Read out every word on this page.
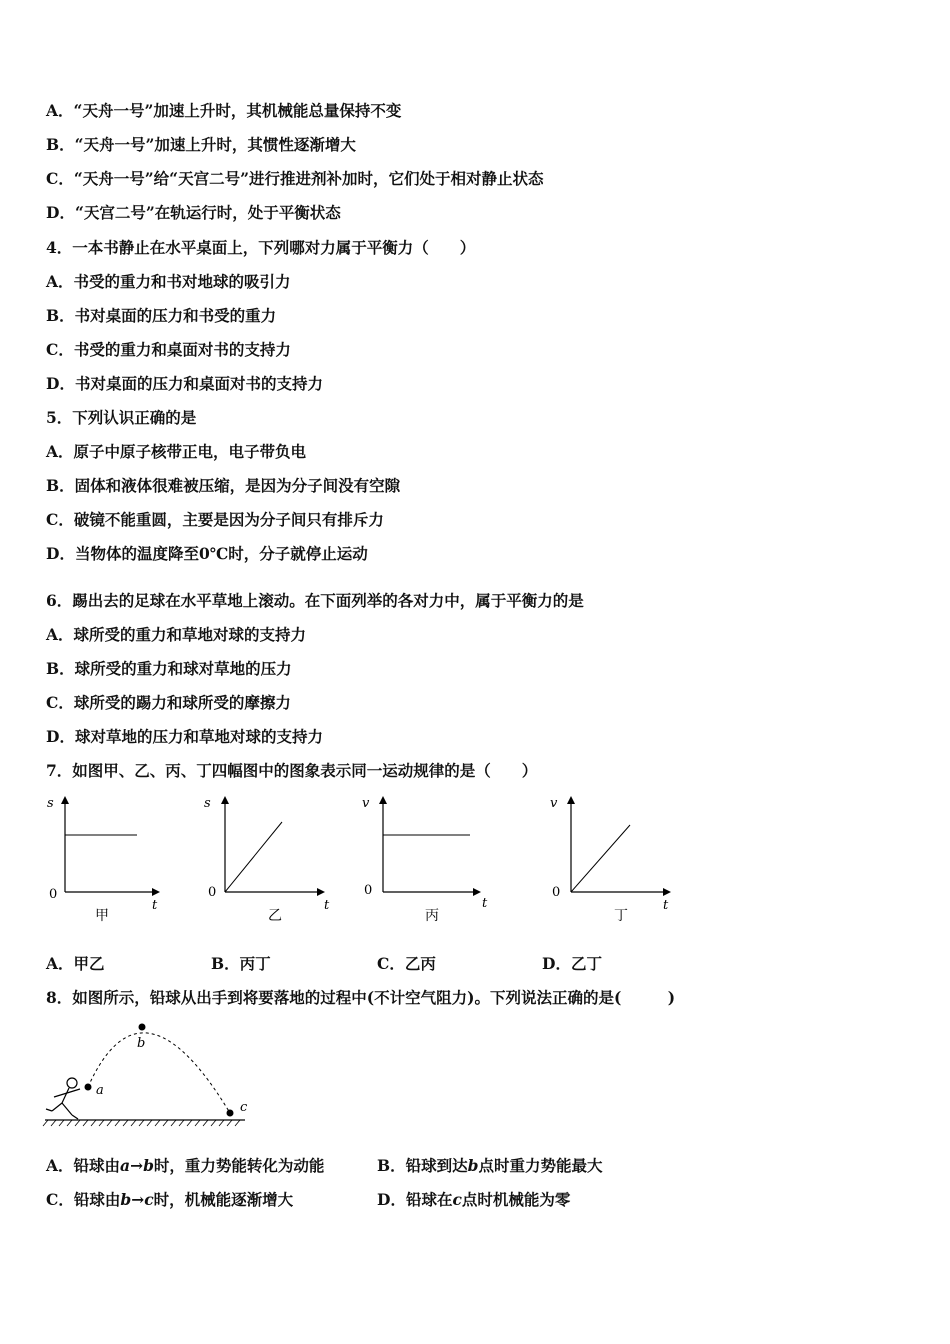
A．“天舟一号”加速上升时，其机械能总量保持不变
B．“天舟一号”加速上升时，其惯性逐渐增大
C．“天舟一号”给“天宫二号”进行推进剂补加时，它们处于相对静止状态
D．“天宫二号”在轨运行时，处于平衡状态
4．一本书静止在水平桌面上，下列哪对力属于平衡力（　　）
A．书受的重力和书对地球的吸引力
B．书对桌面的压力和书受的重力
C．书受的重力和桌面对书的支持力
D．书对桌面的压力和桌面对书的支持力
5．下列认识正确的是
A．原子中原子核带正电，电子带负电
B．固体和液体很难被压缩，是因为分子间没有空隙
C．破镜不能重圆，主要是因为分子间只有排斥力
D．当物体的温度降至0℃时，分子就停止运动
6．踢出去的足球在水平草地上滚动。在下面列举的各对力中，属于平衡力的是
A．球所受的重力和草地对球的支持力
B．球所受的重力和球对草地的压力
C．球所受的踢力和球所受的摩擦力
D．球对草地的压力和草地对球的支持力
7．如图甲、乙、丙、丁四幅图中的图象表示同一运动规律的是（　　）
s
t
0
甲
s
t
0
乙
v
t
0
丙
v
t
0
丁
A．甲乙	B．丙丁	C．乙丙	D．乙丁
8．如图所示，铅球从出手到将要落地的过程中(不计空气阻力)。下列说法正确的是(　　　)
a
b
c
A．铅球由a→b时，重力势能转化为动能	B．铅球到达b点时重力势能最大
C．铅球由b→c时，机械能逐渐增大	D．铅球在c点时机械能为零
